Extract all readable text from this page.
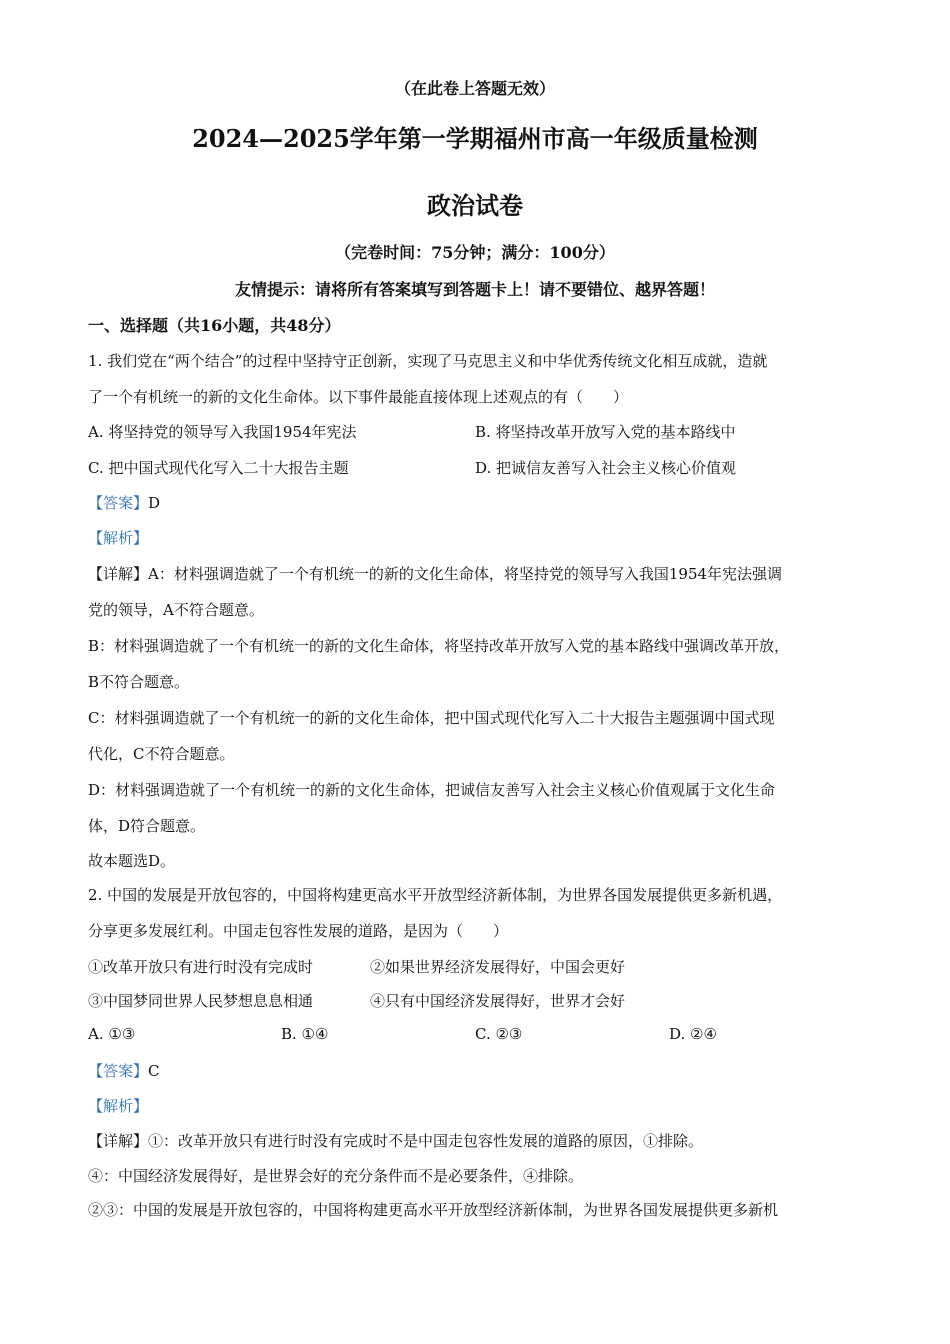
（在此卷上答题无效）
2024—2025学年第一学期福州市高一年级质量检测
政治试卷
（完卷时间：75分钟；满分：100分）
友情提示：请将所有答案填写到答题卡上！请不要错位、越界答题！
一、选择题（共16小题，共48分）
1. 我们党在“两个结合”的过程中坚持守正创新，实现了马克思主义和中华优秀传统文化相互成就，造就
了一个有机统一的新的文化生命体。以下事件最能直接体现上述观点的有（　　）
A. 将坚持党的领导写入我国1954年宪法	B. 将坚持改革开放写入党的基本路线中
C. 把中国式现代化写入二十大报告主题	D. 把诚信友善写入社会主义核心价值观
【答案】D
【解析】
【详解】A：材料强调造就了一个有机统一的新的文化生命体，将坚持党的领导写入我国1954年宪法强调
党的领导，A不符合题意。
B：材料强调造就了一个有机统一的新的文化生命体，将坚持改革开放写入党的基本路线中强调改革开放，
B不符合题意。
C：材料强调造就了一个有机统一的新的文化生命体，把中国式现代化写入二十大报告主题强调中国式现
代化，C不符合题意。
D：材料强调造就了一个有机统一的新的文化生命体，把诚信友善写入社会主义核心价值观属于文化生命
体，D符合题意。
故本题选D。
2. 中国的发展是开放包容的，中国将构建更高水平开放型经济新体制，为世界各国发展提供更多新机遇，
分享更多发展红利。中国走包容性发展的道路，是因为（　　）
①改革开放只有进行时没有完成时	②如果世界经济发展得好，中国会更好
③中国梦同世界人民梦想息息相通	④只有中国经济发展得好，世界才会好
A. ①③	B. ①④	C. ②③	D. ②④
【答案】C
【解析】
【详解】①：改革开放只有进行时没有完成时不是中国走包容性发展的道路的原因，①排除。
④：中国经济发展得好，是世界会好的充分条件而不是必要条件，④排除。
②③：中国的发展是开放包容的，中国将构建更高水平开放型经济新体制，为世界各国发展提供更多新机
